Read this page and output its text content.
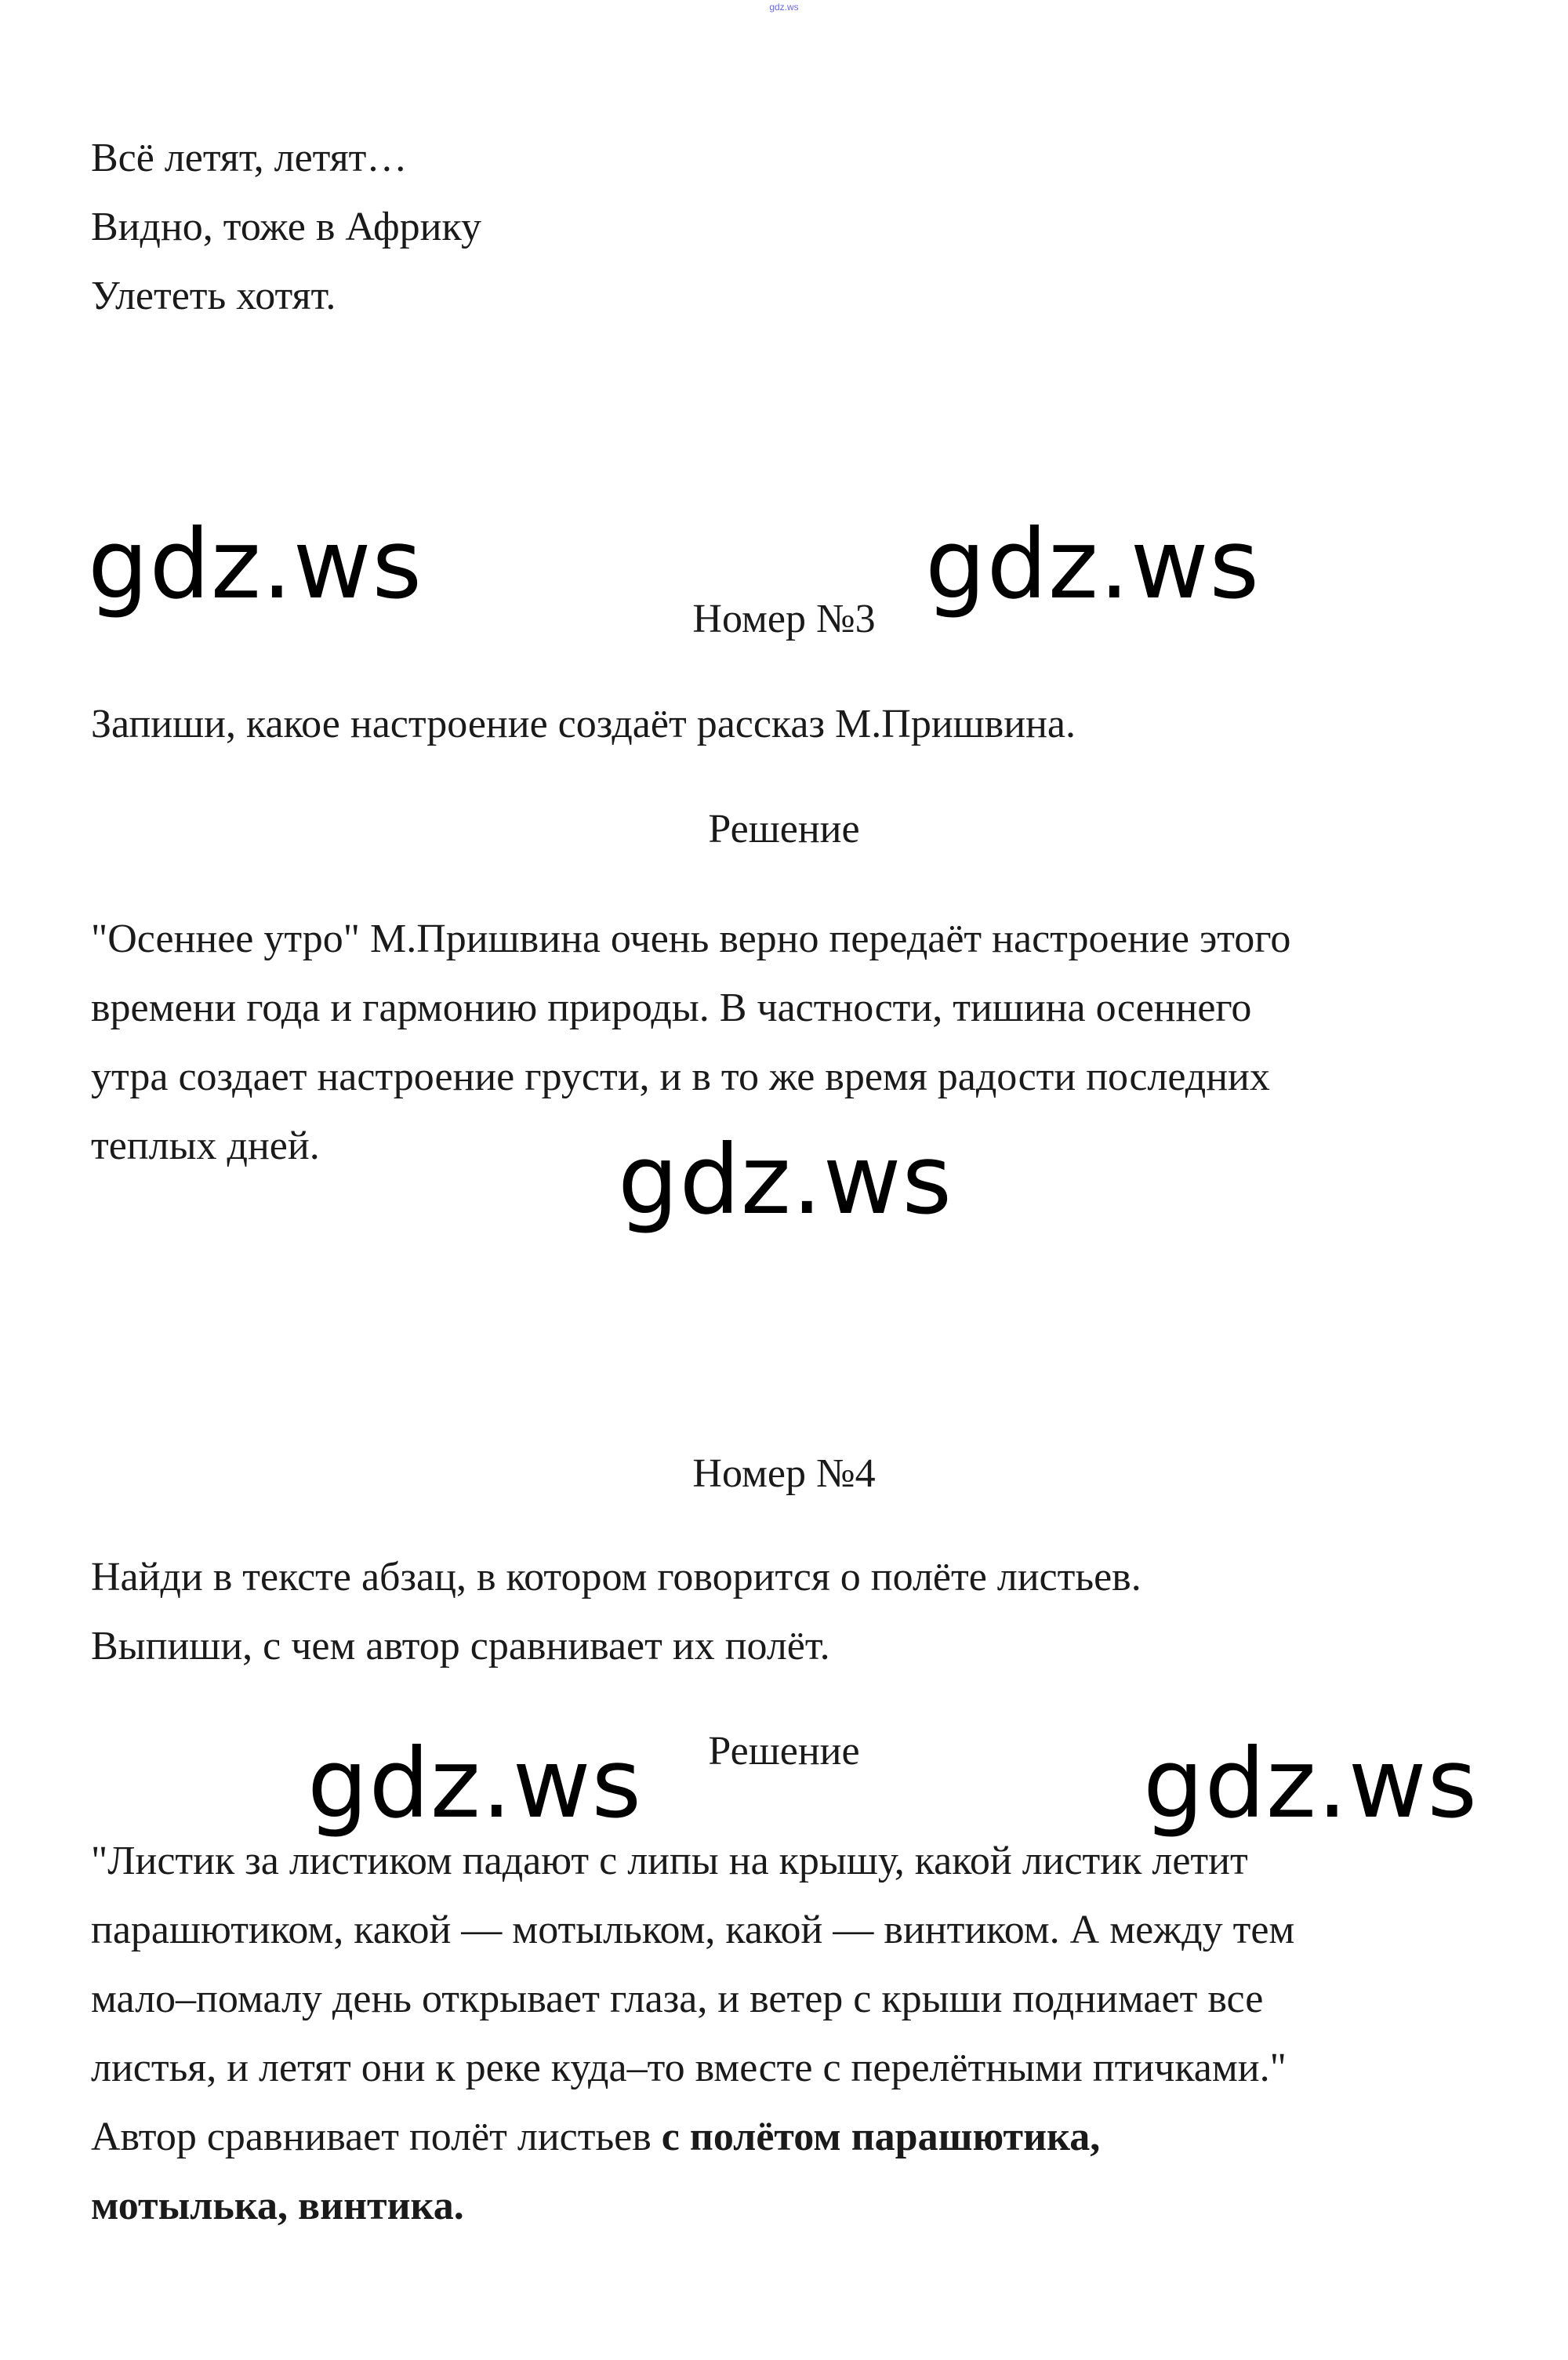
gdz.ws

Всё летят, летят…

Видно, тоже в Африку

Улететь хотят.

gdz.ws	gdz.ws
gdz.ws
gdz.ws	gdz.ws

Номер №3

Запиши, какое настроение создаёт рассказ М.Пришвина.

Решение

"Осеннее утро" М.Пришвина очень верно передаёт настроение этого

времени года и гармонию природы. В частности, тишина осеннего

утра создает настроение грусти, и в то же время радости последних

теплых дней.

Номер №4

Найди в тексте абзац, в котором говорится о полёте листьев.

Выпиши, с чем автор сравнивает их полёт.

Решение

"Листик за листиком падают с липы на крышу, какой листик летит

парашютиком, какой — мотыльком, какой — винтиком. А между тем

мало–помалу день открывает глаза, и ветер с крыши поднимает все

листья, и летят они к реке куда–то вместе с перелётными птичками."

Автор сравнивает полёт листьев с полётом парашютика,

мотылька, винтика.
